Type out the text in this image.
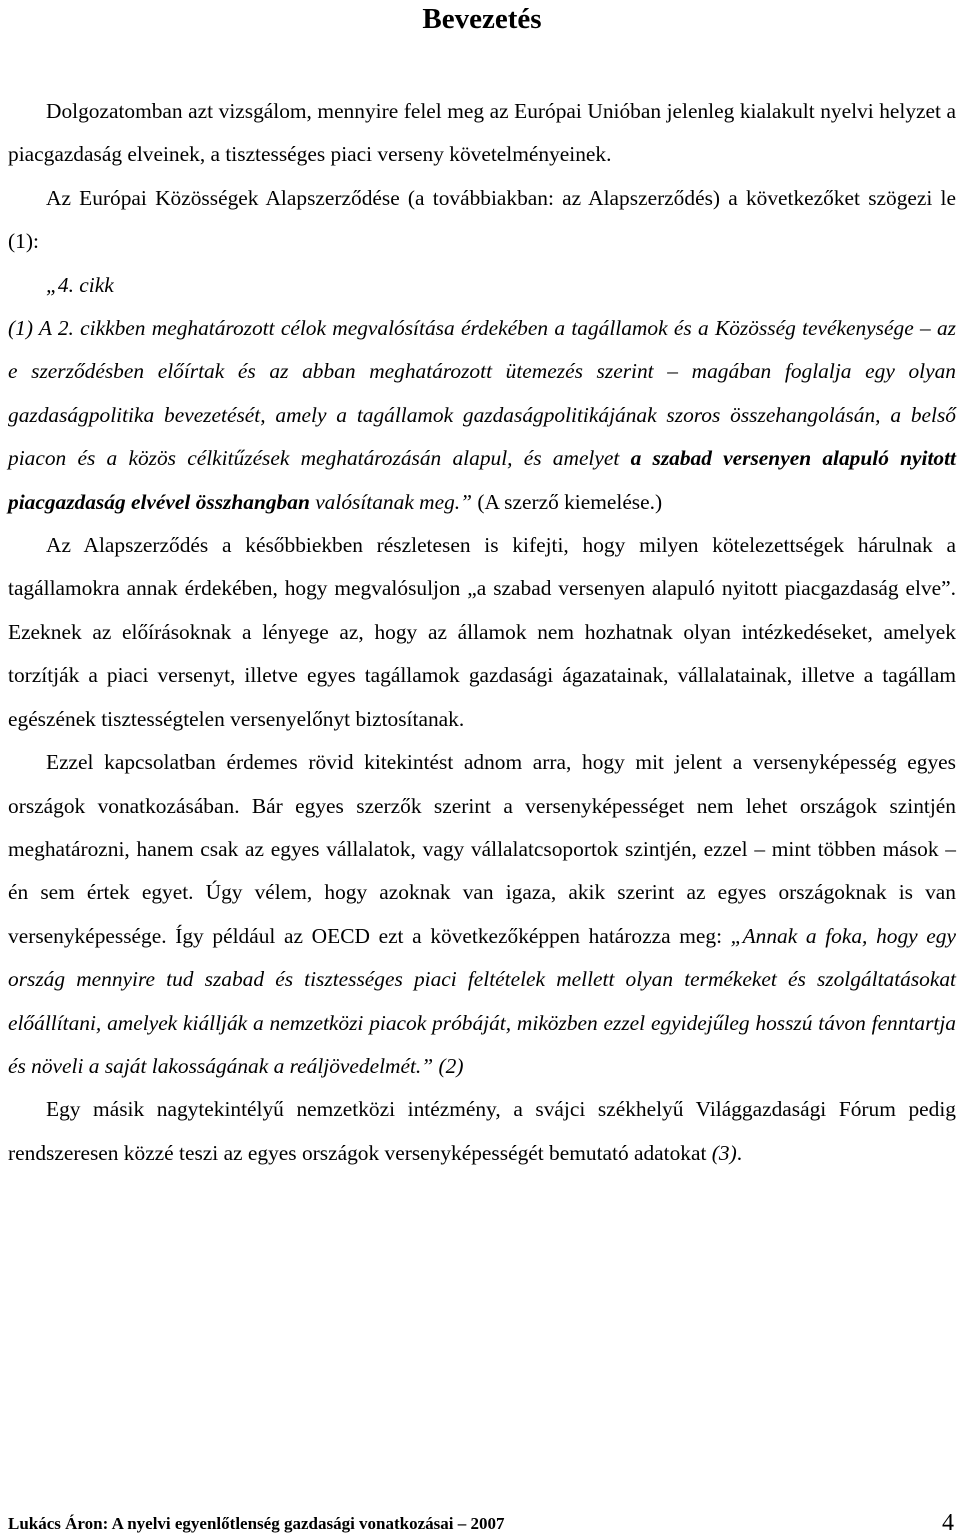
Bevezetés

Dolgozatomban azt vizsgálom, mennyire felel meg az Európai Unióban jelenleg kialakult nyelvi helyzet a piacgazdaság elveinek, a tisztességes piaci verseny követelményeinek.

Az Európai Közösségek Alapszerződése (a továbbiakban: az Alapszerződés) a következőket szögezi le (1):

„4. cikk

(1) A 2. cikkben meghatározott célok megvalósítása érdekében a tagállamok és a Közösség tevékenysége – az e szerződésben előírtak és az abban meghatározott ütemezés szerint – magában foglalja egy olyan gazdaságpolitika bevezetését, amely a tagállamok gazdaságpolitikájának szoros összehangolásán, a belső piacon és a közös célkitűzések meghatározásán alapul, és amelyet a szabad versenyen alapuló nyitott piacgazdaság elvével összhangban valósítanak meg.” (A szerző kiemelése.)

Az Alapszerződés a későbbiekben részletesen is kifejti, hogy milyen kötelezettségek hárulnak a tagállamokra annak érdekében, hogy megvalósuljon „a szabad versenyen alapuló nyitott piacgazdaság elve”. Ezeknek az előírásoknak a lényege az, hogy az államok nem hozhatnak olyan intézkedéseket, amelyek torzítják a piaci versenyt, illetve egyes tagállamok gazdasági ágazatainak, vállalatainak, illetve a tagállam egészének tisztességtelen versenyelőnyt biztosítanak.

Ezzel kapcsolatban érdemes rövid kitekintést adnom arra, hogy mit jelent a versenyképesség egyes országok vonatkozásában. Bár egyes szerzők szerint a versenyképességet nem lehet országok szintjén meghatározni, hanem csak az egyes vállalatok, vagy vállalatcsoportok szintjén, ezzel – mint többen mások – én sem értek egyet. Úgy vélem, hogy azoknak van igaza, akik szerint az egyes országoknak is van versenyképessége. Így például az OECD ezt a következőképpen határozza meg: „Annak a foka, hogy egy ország mennyire tud szabad és tisztességes piaci feltételek mellett olyan termékeket és szolgáltatásokat előállítani, amelyek kiállják a nemzetközi piacok próbáját, miközben ezzel egyidejűleg hosszú távon fenntartja és növeli a saját lakosságának a reáljövedelmét.” (2)

Egy másik nagytekintélyű nemzetközi intézmény, a svájci székhelyű Világgazdasági Fórum pedig rendszeresen közzé teszi az egyes országok versenyképességét bemutató adatokat (3).

Lukács Áron: A nyelvi egyenlőtlenség gazdasági vonatkozásai – 2007	4
